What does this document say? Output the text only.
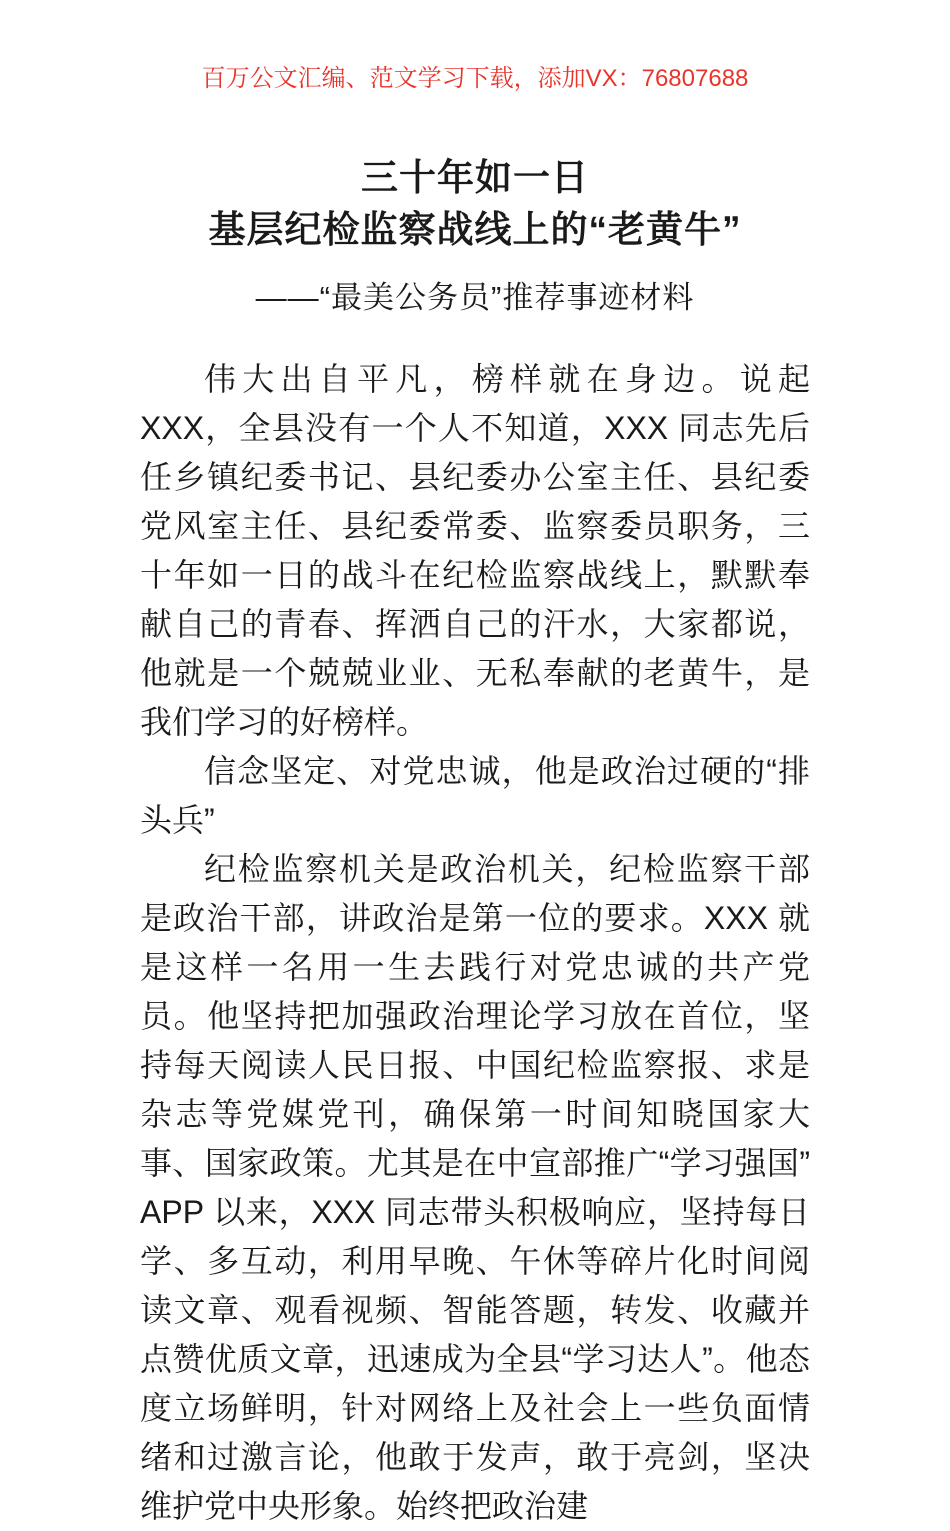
百万公文汇编、范文学习下载，添加VX：76807688
三十年如一日
基层纪检监察战线上的“老黄牛”
——“最美公务员”推荐事迹材料

伟大出自平凡，榜样就在身边。说起 XXX，全县没有一个人不知道，XXX 同志先后任乡镇纪委书记、县纪委办公室主任、县纪委党风室主任、县纪委常委、监察委员职务，三十年如一日的战斗在纪检监察战线上，默默奉献自己的青春、挥洒自己的汗水，大家都说，他就是一个兢兢业业、无私奉献的老黄牛，是我们学习的好榜样。

信念坚定、对党忠诚，他是政治过硬的“排头兵”

纪检监察机关是政治机关，纪检监察干部是政治干部，讲政治是第一位的要求。XXX 就是这样一名用一生去践行对党忠诚的共产党员。他坚持把加强政治理论学习放在首位，坚持每天阅读人民日报、中国纪检监察报、求是杂志等党媒党刊，确保第一时间知晓国家大事、国家政策。尤其是在中宣部推广“学习强国”APP 以来，XXX 同志带头积极响应，坚持每日学、多互动，利用早晚、午休等碎片化时间阅读文章、观看视频、智能答题，转发、收藏并点赞优质文章，迅速成为全县“学习达人”。他态度立场鲜明，针对网络上及社会上一些负面情绪和过激言论，他敢于发声，敢于亮剑，坚决维护党中央形象。始终把政治建
